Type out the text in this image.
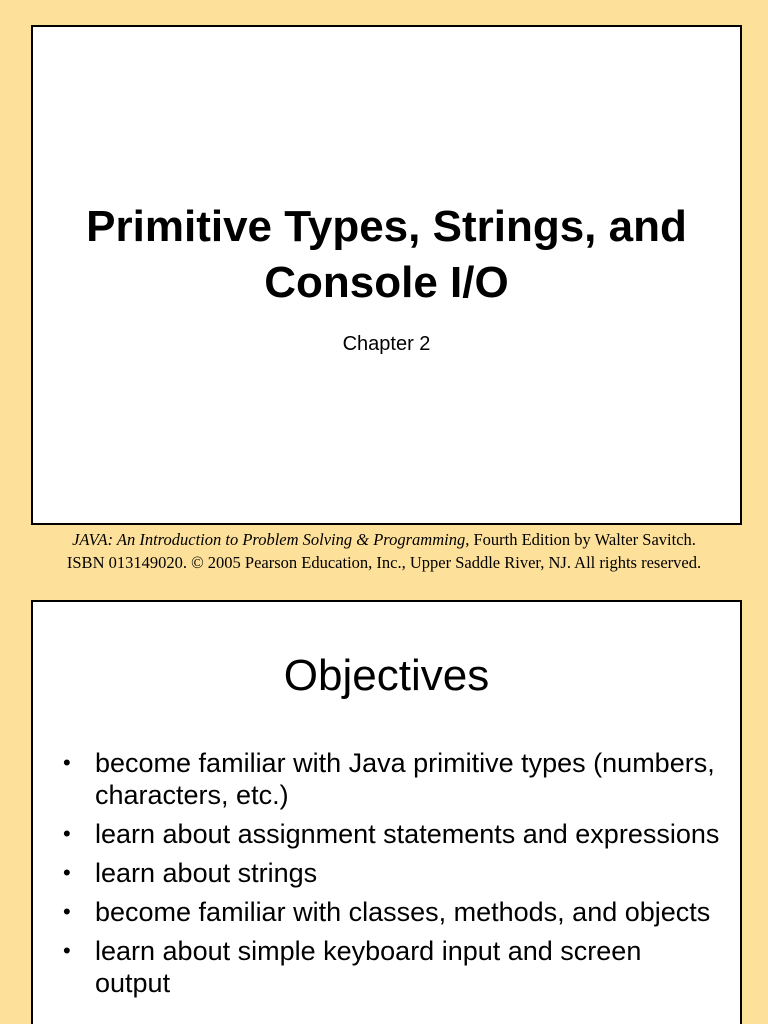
Primitive Types, Strings, and Console I/O
Chapter 2
JAVA: An Introduction to Problem Solving & Programming, Fourth Edition by Walter Savitch.
ISBN 013149020. © 2005 Pearson Education, Inc., Upper Saddle River, NJ. All rights reserved.
Objectives
• become familiar with Java primitive types (numbers, characters, etc.)
• learn about assignment statements and expressions
• learn about strings
• become familiar with classes, methods, and objects
• learn about simple keyboard input and screen output
